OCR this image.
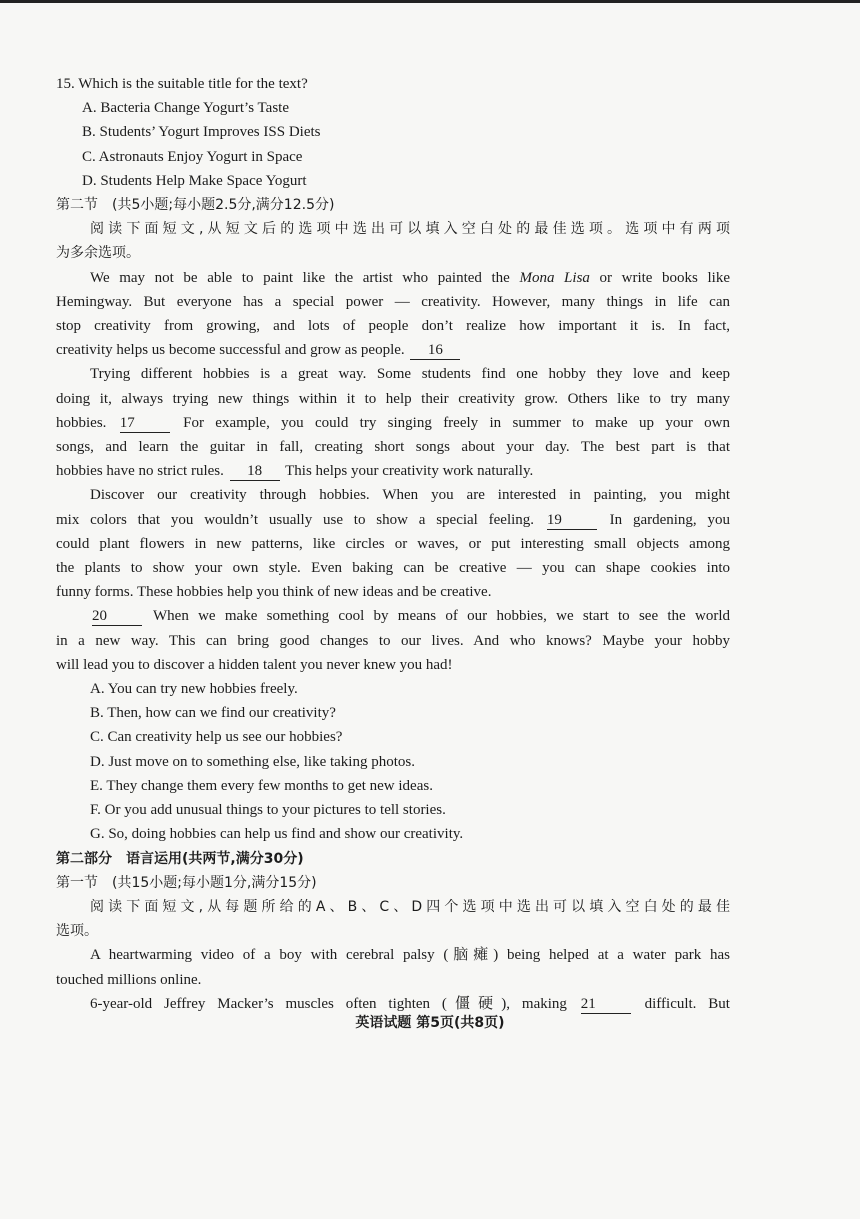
15. Which is the suitable title for the text?
A. Bacteria Change Yogurt’s Taste
B. Students’ Yogurt Improves ISS Diets
C. Astronauts Enjoy Yogurt in Space
D. Students Help Make Space Yogurt
第二节　(共5小题;每小题2.5分,满分12.5分)
阅读下面短文,从短文后的选项中选出可以填入空白处的最佳选项。选项中有两项
为多余选项。
We may not be able to paint like the artist who painted the Mona Lisa or write books like
Hemingway. But everyone has a special power — creativity. However, many things in life can
stop creativity from growing, and lots of people don’t realize how important it is. In fact,
creativity helps us become successful and grow as people. 16
Trying different hobbies is a great way. Some students find one hobby they love and keep
doing it, always trying new things within it to help their creativity grow. Others like to try many
hobbies. 17 For example, you could try singing freely in summer to make up your own
songs, and learn the guitar in fall, creating short songs about your day. The best part is that
hobbies have no strict rules. 18 This helps your creativity work naturally.
Discover our creativity through hobbies. When you are interested in painting, you might
mix colors that you wouldn’t usually use to show a special feeling. 19 In gardening, you
could plant flowers in new patterns, like circles or waves, or put interesting small objects among
the plants to show your own style. Even baking can be creative — you can shape cookies into
funny forms. These hobbies help you think of new ideas and be creative.
20 When we make something cool by means of our hobbies, we start to see the world
in a new way. This can bring good changes to our lives. And who knows? Maybe your hobby
will lead you to discover a hidden talent you never knew you had!
A. You can try new hobbies freely.
B. Then, how can we find our creativity?
C. Can creativity help us see our hobbies?
D. Just move on to something else, like taking photos.
E. They change them every few months to get new ideas.
F. Or you add unusual things to your pictures to tell stories.
G. So, doing hobbies can help us find and show our creativity.
第二部分　语言运用(共两节,满分30分)
第一节　(共15小题;每小题1分,满分15分)
阅读下面短文,从每题所给的A、B、C、D四个选项中选出可以填入空白处的最佳
选项。
A heartwarming video of a boy with cerebral palsy (脑瘫) being helped at a water park has
touched millions online.
6-year-old Jeffrey Macker’s muscles often tighten (僵硬), making 21 difficult. But
英语试题 第5页(共8页)
